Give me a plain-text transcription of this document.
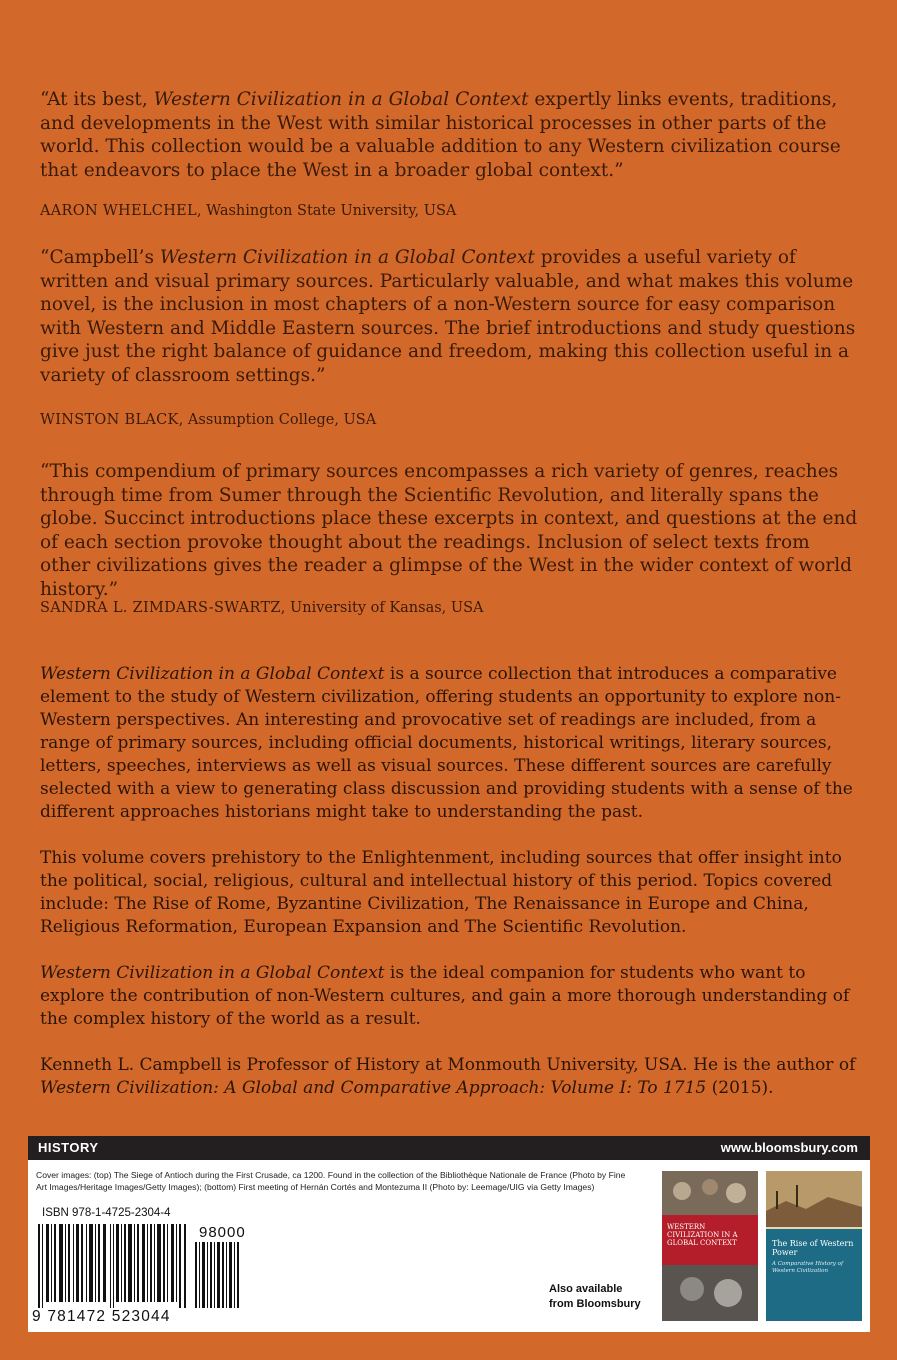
“At its best, Western Civilization in a Global Context expertly links events, traditions, and developments in the West with similar historical processes in other parts of the world. This collection would be a valuable addition to any Western civilization course that endeavors to place the West in a broader global context.”
AARON WHELCHEL, Washington State University, USA
“Campbell’s Western Civilization in a Global Context provides a useful variety of written and visual primary sources. Particularly valuable, and what makes this volume novel, is the inclusion in most chapters of a non-Western source for easy comparison with Western and Middle Eastern sources. The brief introductions and study questions give just the right balance of guidance and freedom, making this collection useful in a variety of classroom settings.”
WINSTON BLACK, Assumption College, USA
“This compendium of primary sources encompasses a rich variety of genres, reaches through time from Sumer through the Scientific Revolution, and literally spans the globe. Succinct introductions place these excerpts in context, and questions at the end of each section provoke thought about the readings. Inclusion of select texts from other civilizations gives the reader a glimpse of the West in the wider context of world history.”
SANDRA L. ZIMDARS-SWARTZ, University of Kansas, USA
Western Civilization in a Global Context is a source collection that introduces a comparative element to the study of Western civilization, offering students an opportunity to explore non-Western perspectives. An interesting and provocative set of readings are included, from a range of primary sources, including official documents, historical writings, literary sources, letters, speeches, interviews as well as visual sources. These different sources are carefully selected with a view to generating class discussion and providing students with a sense of the different approaches historians might take to understanding the past.
This volume covers prehistory to the Enlightenment, including sources that offer insight into the political, social, religious, cultural and intellectual history of this period. Topics covered include: The Rise of Rome, Byzantine Civilization, The Renaissance in Europe and China, Religious Reformation, European Expansion and The Scientific Revolution.
Western Civilization in a Global Context is the ideal companion for students who want to explore the contribution of non-Western cultures, and gain a more thorough understanding of the complex history of the world as a result.
Kenneth L. Campbell is Professor of History at Monmouth University, USA. He is the author of Western Civilization: A Global and Comparative Approach: Volume I: To 1715 (2015).
HISTORY	www.bloomsbury.com
Cover images: (top) The Siege of Antioch during the First Crusade, ca 1200. Found in the collection of the Bibliothèque Nationale de France (Photo by Fine Art Images/Heritage Images/Getty Images); (bottom) First meeting of Hernán Cortés and Montezuma II (Photo by: Leemage/UIG via Getty Images)
ISBN 978-1-4725-2304-4
98000
9 781472 523044
Also available
from Bloomsbury
WESTERN CIVILIZATION IN A GLOBAL CONTEXT	The Rise of Western Power
A Comparative History of Western Civilization
